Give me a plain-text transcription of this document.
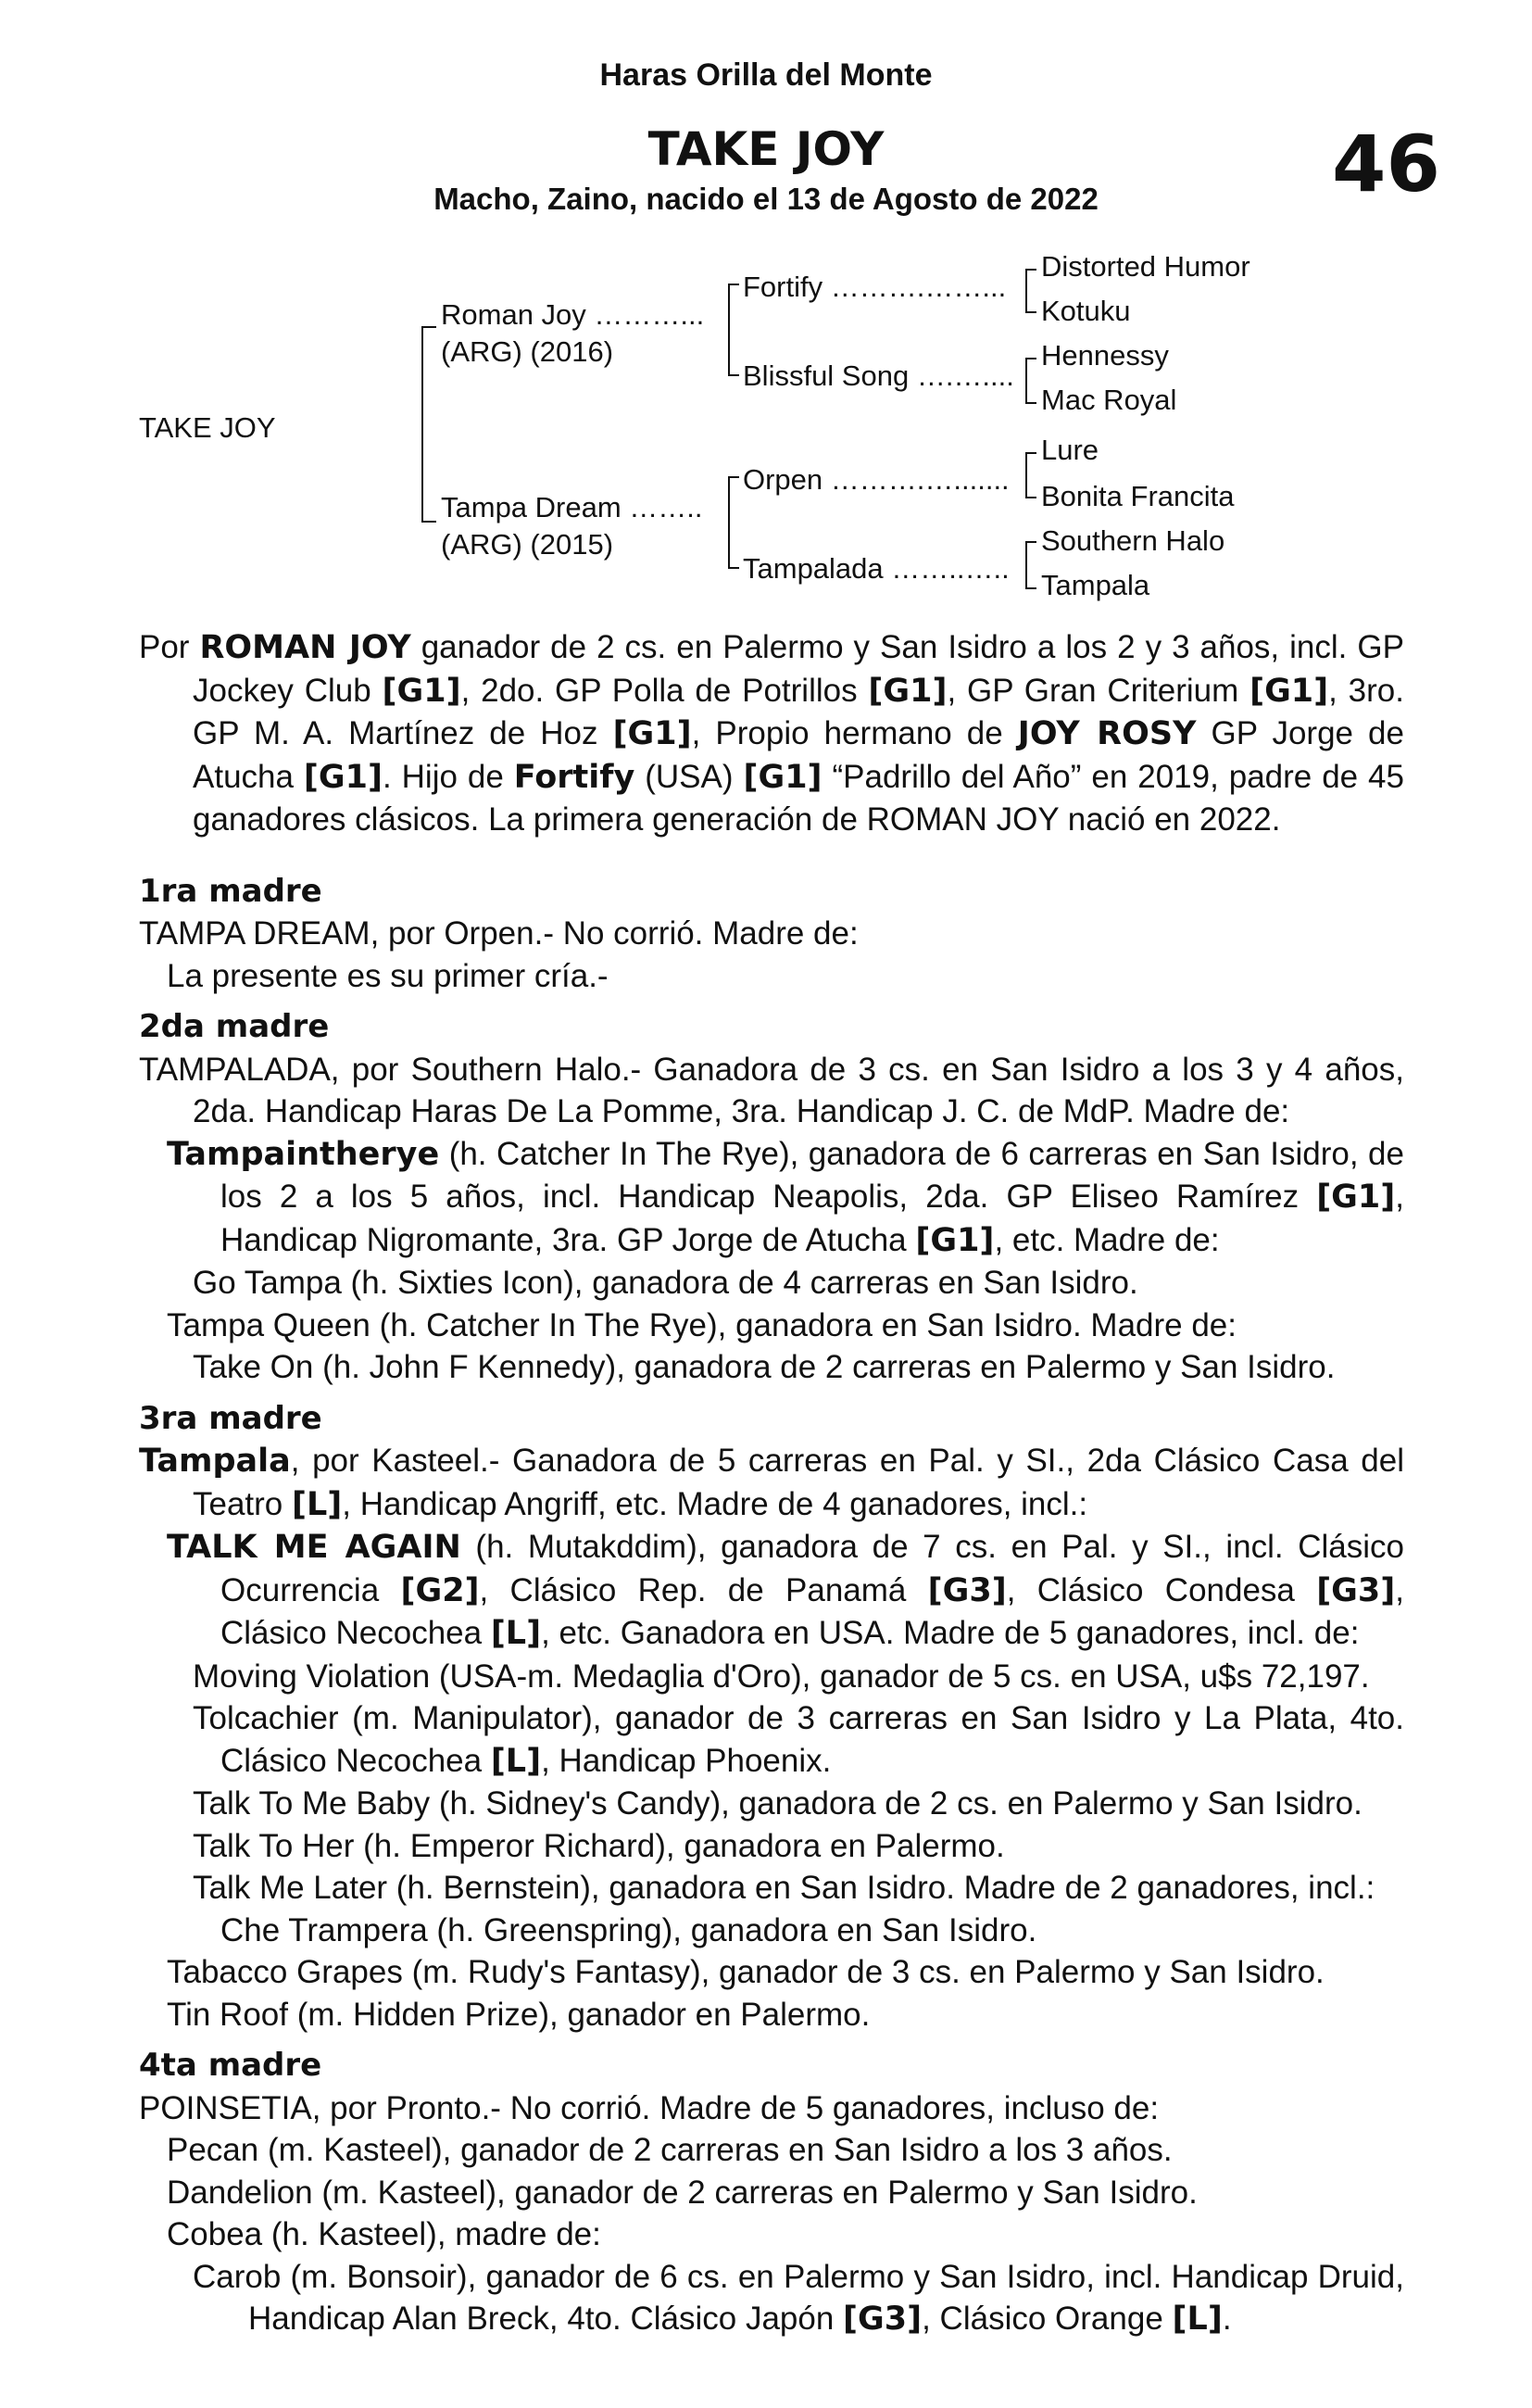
Haras Orilla del Monte
TAKE JOY
Macho, Zaino, nacido el 13 de Agosto de 2022	46
TAKE JOY
Roman Joy ………...
(ARG) (2016)
Tampa Dream ……..
(ARG) (2015)
Fortify ……….……...
Blissful Song ….…....
Orpen ……….….......
Tampalada ……..…..
Distorted Humor
Kotuku
Hennessy
Mac Royal
Lure
Bonita Francita
Southern Halo
Tampala

Por ROMAN JOY ganador de 2 cs. en Palermo y San Isidro a los 2 y 3 años, incl. GP Jockey Club [G1], 2do. GP Polla de Potrillos [G1], GP Gran Criterium [G1], 3ro. GP M. A. Martínez de Hoz [G1], Propio hermano de JOY ROSY GP Jorge de Atucha [G1]. Hijo de Fortify (USA) [G1] “Padrillo del Año” en 2019, padre de 45 ganadores clásicos. La primera generación de ROMAN JOY nació en 2022.

1ra madre

TAMPA DREAM, por Orpen.- No corrió. Madre de:

La presente es su primer cría.-

2da madre

TAMPALADA, por Southern Halo.- Ganadora de 3 cs. en San Isidro a los 3 y 4 años, 2da. Handicap Haras De La Pomme, 3ra. Handicap J. C. de MdP. Madre de:

Tampaintherye (h. Catcher In The Rye), ganadora de 6 carreras en San Isidro, de los 2 a los 5 años, incl. Handicap Neapolis, 2da. GP Eliseo Ramírez [G1], Handicap Nigromante, 3ra. GP Jorge de Atucha [G1], etc. Madre de:

Go Tampa (h. Sixties Icon), ganadora de 4 carreras en San Isidro.

Tampa Queen (h. Catcher In The Rye), ganadora en San Isidro. Madre de:

Take On (h. John F Kennedy), ganadora de 2 carreras en Palermo y San Isidro.

3ra madre

Tampala, por Kasteel.- Ganadora de 5 carreras en Pal. y SI., 2da Clásico Casa del Teatro [L], Handicap Angriff, etc. Madre de 4 ganadores, incl.:

TALK ME AGAIN (h. Mutakddim), ganadora de 7 cs. en Pal. y SI., incl. Clásico Ocurrencia [G2], Clásico Rep. de Panamá [G3], Clásico Condesa [G3], Clásico Necochea [L], etc. Ganadora en USA. Madre de 5 ganadores, incl. de:

Moving Violation (USA-m. Medaglia d'Oro), ganador de 5 cs. en USA, u$s 72,197.

Tolcachier (m. Manipulator), ganador de 3 carreras en San Isidro y La Plata, 4to. Clásico Necochea [L], Handicap Phoenix.

Talk To Me Baby (h. Sidney's Candy), ganadora de 2 cs. en Palermo y San Isidro.

Talk To Her (h. Emperor Richard), ganadora en Palermo.

Talk Me Later (h. Bernstein), ganadora en San Isidro. Madre de 2 ganadores, incl.:

Che Trampera (h. Greenspring), ganadora en San Isidro.

Tabacco Grapes (m. Rudy's Fantasy), ganador de 3 cs. en Palermo y San Isidro.

Tin Roof (m. Hidden Prize), ganador en Palermo.

4ta madre

POINSETIA, por Pronto.- No corrió. Madre de 5 ganadores, incluso de:

Pecan (m. Kasteel), ganador de 2 carreras en San Isidro a los 3 años.

Dandelion (m. Kasteel), ganador de 2 carreras en Palermo y San Isidro.

Cobea (h. Kasteel), madre de:

Carob (m. Bonsoir), ganador de 6 cs. en Palermo y San Isidro, incl. Handicap Druid, Handicap Alan Breck, 4to. Clásico Japón [G3], Clásico Orange [L].
